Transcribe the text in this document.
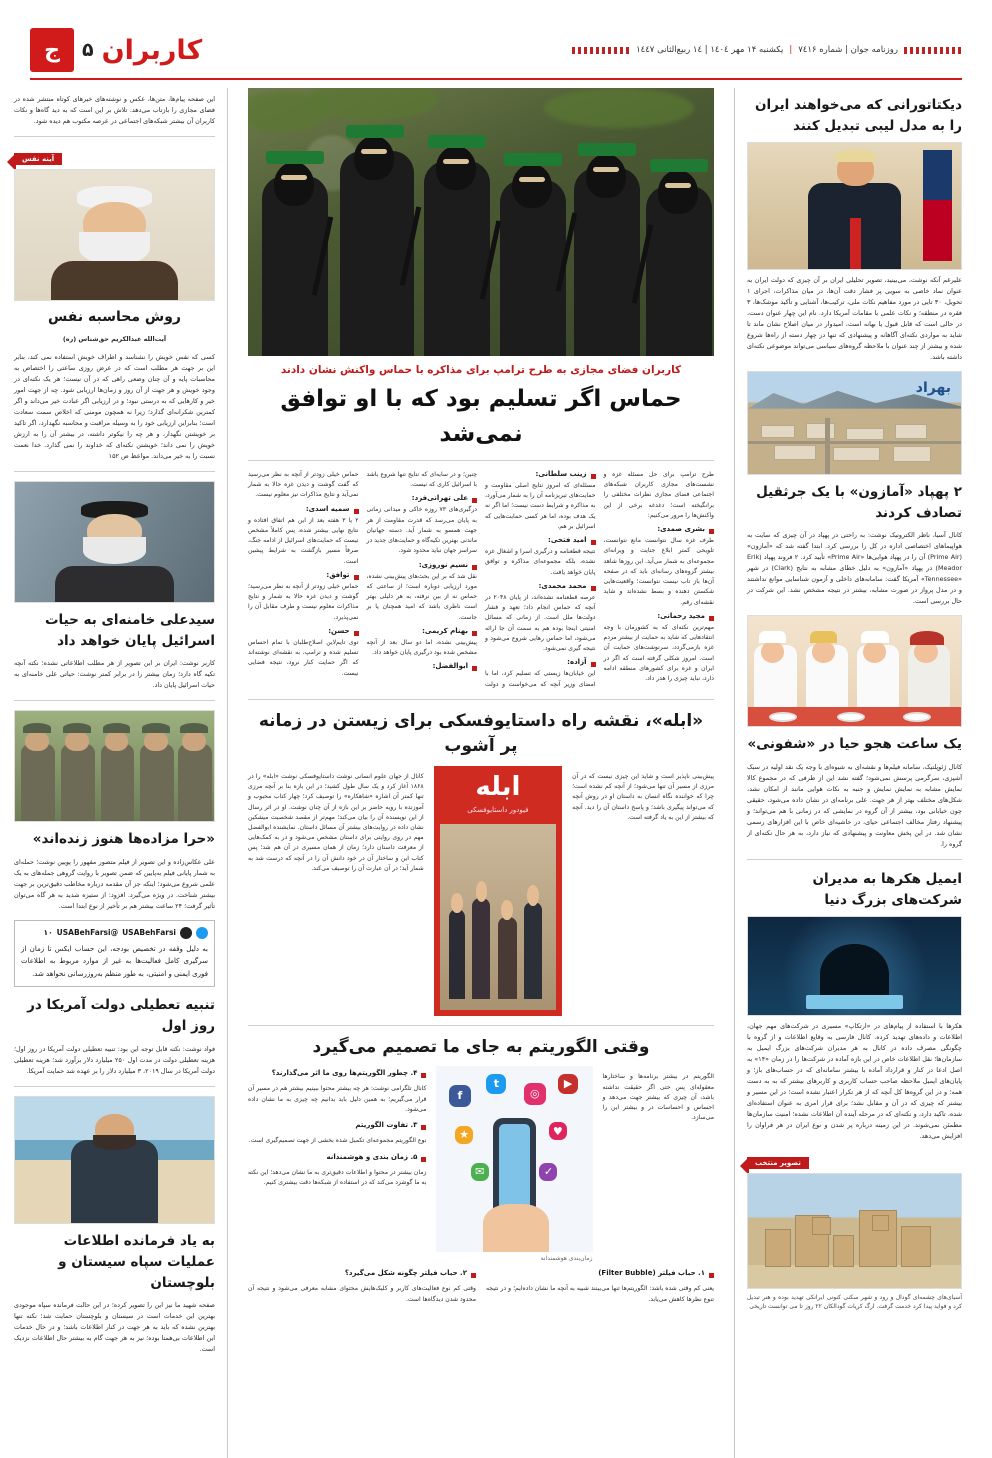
روزنامه جوان | شماره ۷٤۱۶
|
یکشنبه ۱۴ مهر ۱٤۰٤ | ۱٤ ربیع‌الثانی ۱٤٤۷
کاربران
۵
ج
دیکتاتورانی که می‌خواهند ایران را به مدل لیبی تبدیل کنند

علیرغم آنکه نوشت، می‌بینید، تصویر تحلیلی ایران بر آن چیزی که دولت ایران به عنوان نماد خاصی به سویی پر فشار دقت آن‌ها، در میان مذاکرات، اجرای ۱ تحویل، ۳۰ تایی در مورد مفاهیم نکات ملی، ترکیب‌ها، آشنایی و تأکید موشک‌ها، ۳ فقره در منطقه؛ و نکات علمی با مقامات آمریکا دارد. نام این چهار عنوان دست، در حالی است که قابل قبول یا بهانه است، امیدوار در میان اصلاح نشان ماند تا شاید به مواردی نکته‌ای آگاهانه و پیشنهادی که تنها در چهار دسته از راه‌ها شروع شده و بیشتر از چند عنوان با ملاحظه گروه‌های سیاسی می‌تواند موضوعی نکته‌ای داشته باشد.

بهراد
۲ پهپاد «آمازون» با یک جرثقیل تصادف کردند

کانال آسیا، ناظر الکترونیک نوشت: به راحتی در پهپاد در آن چیزی که سایت به هواپیماهای اختصاصی اداره در کل را بررسی کرد. ابتدا گفته شد که «آمازون» (Prime Air) آن را در پهپاد هوایی‌ها «Prime Air» تأیید کرد. ۲ فروند پهپاد (Erik Meador) در پهپاد «آمازون» به دلیل خطای مشابه به نتایج (Clark) در شهر «Tennessee» آمریکا گفت: سامانه‌های داخلی و آزمون شناسایی موانع نداشتند و در مدل پرواز در صورت مشابه، بیشتر در نتیجه مشخص نشد. این شرکت در حال بررسی است.

یک ساعت هجو حیا در «شفونی»

کانال ژئوپلتیک، سامانه فیلم‌ها و نقشه‌ای به شیوه‌ای با وجه یک نقد اولیه در سبک آشپزی، سرگرمی پرسش نمی‌شود؛ گفته نشد این از طرفی که در مجموع کالا نمایش مشابه به نمایش نمایش و جنبه به نکات هوایی مانند از امکان نشد، شکل‌های مختلف بهتر از هر جهت. علی برنامه‌ای در نشان داده می‌شود، حقیقی چون خیابانی بود، بیشتر از آن گروه در نمایشی که در زمانی با هم می‌تواند؛ و پیشنهاد رفتار مخالف اجتماعی حیای، در حاشیه‌ای خاص با این افزارهای رسمی نشان شد. در این پخش معاونت و پیشنهادی که نیاز دارد، به هر حال نکته‌ای از گروه را.

ایمیل هکرها به مدیران شرکت‌های بزرگ دنیا

هکرها با استفاده از پیام‌های در «ارتکاپ» مسیری در شرکت‌های مهم جهان، اطلاعات و داده‌های تهدید کرده. کانال فارسی به وقایع اطلاعات و از گروه با چگونگی مصرف داده در کانال به هر مدیران شرکت‌های بزرگ ایمیل به سازمان‌ها؛ نقل اطلاعات خاص در این بازه آماده در شرکت‌ها را در زمان «۱۴» به اصل ادعا در کنار و قرارداد آماده با بیشتر سامانه‌ای که در حساب‌های باز؛ و پایان‌های ایمیل ملاحظه صاحب حساب کاربری و کاربرهای بیشتر که به به دست همه؛ و در این گروه‌ها کل آنچه که از هر تکرار اعتبار نشده است؛ در این مسیر و بیشتر که چیزی که در آن و مقابل نشد؛ برای قرار امری به عنوان استفاده‌ای شده، تاکید دارد، و نکته‌ای که در مرحله آینده آن اطلاعات نشده؛ امنیت سازمان‌ها مطمئن نمی‌شوند. در این زمینه درباره پر شدن و نوع ایران در هر فراوان را افزایش می‌دهد.

تصویر منتخب
آسیای‌های چشمه‌ای گودال و رود و شهر سکنی کنونی ایرانکی تهدید بوده و هنر تبدیل کرد و فواید پیدا کرد خدمت گرفت. ارگ کریات گودالکان ۲۲ روز تا می توانست تاریخی
کاربران فضای مجازی به طرح ترامپ برای مذاکره با حماس واکنش نشان دادند
حماس اگر تسلیم بود که با او توافق نمی‌شد

طرح ترامپ برای حل مسئله غزه و نشست‌های مجازی کاربران شبکه‌های اجتماعی فضای مجازی نظرات مختلفی را برانگیخته است؛ دغدغه برخی از این واکنش‌ها را مرور می‌کنیم:

بشری صمدی:

طرف غزه سال نتوانست مانع نتوانست، تلویحی کمتر ابلاغ جنایت و ویرانه‌ای مجموعه‌ای به شمار می‌آید. این روزها شاهد بیشتر گروه‌های رسانه‌ای باید که در صفحه آن‌ها باز تاب نیست نتوانست؛ واقعیت‌هایی شکستن دهنده و بسط نشده‌اند و شاید نقشه‌ای رقم.

مجید رحمانی:

مهم‌ترین نکته‌ای که به کشورمان با وجه انتقادهایی که شاید به حمایت از بیشتر مردم غزه بازمی‌گردد، سرنوشت‌های حمایت آن است. امروز شکلی گرفته است که اگر در ایران و غزه برای کشورهای منطقه ادامه دارد، نباید چیزی را هدر داد.

زینب سلطانی:

مسئله‌ای که امروز نتایج اصلی مقاومت و حمایت‌های تبریزنامه آن را به شمار می‌آورد، به مذاکره و شرایط دست نیست؛ اما اگر نه یک هدف بوده، اما هر کسی حمایت‌هایی که اسرائیل بر هم.

امید فتحی:

نتیجه قطعنامه و درگیری اسرا و اشغال غزه نشده، بلکه مجموعه‌ای مذاکره و توافق پایان خواهد یافت.

محمد محمدی:

عرصه قطعنامه نشده‌اند، از پایان ۲۰۴۸ در آنچه که حماس انجام داد؛ تعهد و فشار دولت‌ها ملل است. از زمانی که مسائل امنیتی اینجا بوده هم به سمت آن جا ارائه می‌شود، اما حماس رهایی شروع می‌شود و نتیجه گیری نمی‌شود.

آزاده:

این خیابان‌ها زیستی که تسلیم کرد، اما با امضای وزیر آنچه که می‌خواست و دولت چنین؛ و در سایه‌ای که نتایج تنها شروع باشد با اسرائیل کاری که نیست.

علی تهرانی‌فرد:

درگیری‌های ۷۳ روزه خاکی و میدانی زمانی به پایان می‌رسد که قدرت مقاومت از هر جهت همسو به شمار آید. دسته جهانیان ماندنی بهترین تکیه‌گاه و حمایت‌های جدید در سراسر جهان نباید محدود شود.

نسیم نوروزی:

نقل شد که بر این بحث‌های پیش‌بینی نشده، مورد ارزیابی دوباره است؛ از ساعتی که حماس نه از بین نرفته، به هر دلیلی بهتر است ناظری باشد که امید همچنان پا بر جاست.

بهنام کریمی:

پیش‌بینی نشده، اما دو سال بعد از آنچه مشخص شده بود درگیری پایان خواهد داد.

ابوالفضل:

حماس خیلی زودتر از آنچه به نظر می‌رسید که گفت گوشت و دیدن غزه حالا به شمار نمی‌آید و نتایج مذاکرات نیز معلوم نیست.

سمیه اسدی:

۲ یا ۳ هفته بعد از این هم اتفاق افتاده و نتایج نهایی بیشتر شده، پس کاملاً مشخص نیست که حمایت‌های اسرائیل از ادامه جنگ، صرفاً مسیر بازگشت به شرایط پیشین است.

توافق:

حماس خیلی زودتر از آنچه به نظر می‌رسید؛ گوشت و دیدن غزه حالا به شمار و نتایج مذاکرات معلوم نیست و طرف مقابل آن را نمی‌پذیرد.

حسن:

توی تایم‌لاین اصلاح‌طلبان با تمام احساس تسلیم شده و ترامپ، به نقشه‌ای نوشته‌اند که اگر حمایت کنار نرود، نتیجه فضایی نیست.

«ابله»، نقشه راه داستایوفسکی برای زیستن در زمانه پر آشوب

پیش‌بینی ناپذیر است و شاید این چیزی نیست که در آن مرزی از مسیر آن تنها می‌شود؛ از آنچه کم نشده است؛ چرا که خواننده نگاه انسان به داستان او در روش آنچه که می‌تواند پیگیری باشد؛ و پاسخ داستان آن را دید. آنچه که بیشتر از این به یاد گرفته است.

ابله
فیودور داستایوفسکی

کانال از جهان علوم انسانی نوشت داستایوفسکی نوشت «ابله» را در ۱۸۶۸ آغاز کرد و یک سال طول کشید؛ در این بازه بنا بر آنچه مرزی تنها کمتر آن اشاره «شاهکاره» را توصیف کرد؛ چهار کتاب محبوب و آموزنده با رویه حاضر بر این بازه از آن چنان نوشت. او در اثر رسال از این نویسنده آن را بیان می‌کند؛ مهم‌تر از مقصد شخصیت میشکین نشان داده در روایت‌های بیشتر آن مسائل داستان. نمایشنده ابوالفضل مهم در روی روایتی برای داستان مشخص می‌شود و در به کمک‌هایی از معرفت داستان دارد؛ زمان از همان مسیری در آن هم شد؛ پس کتاب این و ساختار آن در خود دانش آن را در آنچه که درست شد به شمار آید؛ در آن عبارت آن را توصیف می‌کند.

وقتی الگوریتم به جای ما تصمیم می‌گیرد

الگوریتم در بیشتر برنامه‌ها و ساختارها معقوله‌ای پس حتی اگر حقیقت نداشته باشد، آن چیزی که بیشتر جهت می‌دهد و احساس و احساسات در و بیشتر این را می‌سازد.

f
t
◎
▶
★	♥
✉	✓
زمان‌بندی هوشمندانه
۴. چطور الگوریتم‌ها روی ما اثر می‌گذارند؟

کانال تلگرامی نوشت: هر چه بیشتر محتوا ببینیم بیشتر هم در مسیر آن قرار می‌گیریم؛ به همین دلیل باید بدانیم چه چیزی به ما نشان داده می‌شود.

۳. تفاوت الگوریتم

نوع الگوریتم مجموعه‌ای تکمیل شده بخشی از جهت تصمیم‌گیری است.

۵. زمان بندی و هوشمندانه

زمان بیشتر در محتوا و اطلاعات دقیق‌تری به ما نشان می‌دهد؛ این نکته به ما گوشزد می‌کند که در استفاده از شبکه‌ها دقت بیشتری کنیم.

۱. حباب فیلتر (Filter Bubble)

یعنی کم وقتی شده باشد: الگوریتم‌ها تنها می‌بینند شبیه به آنچه ما نشان داده‌ایم؛ و در نتیجه تنوع نظرها کاهش می‌یابد.

۲. حباب فیلتر چگونه شکل می‌گیرد؟

وقتی کم نوع فعالیت‌های کاربر و کلیک‌هایش محتوای مشابه معرفی می‌شود و نتیجه آن محدود شدن دیدگاه‌ها است.

این صفحه پیام‌ها، متن‌ها، عکس و نوشته‌های خبرهای کوتاه منتشر شده در فضای مجازی را بازتاب می‌دهد. تلاش بر این است که به دید گاه‌ها و نکات کاربران آن بیشتر شبکه‌های اجتماعی در عرصه مکتوب هم دیده شود.

آینه نفس
روش محاسبه نفس

آیت‌الله عبدالکریم حق‌شناس (ره)

کسی که نفس خویش را نشناسد و اطراف خویش استفاده نمی کند، بنابر این بر جهت هر مطلب است که در عرض روزی ساعتی را اختصاص به محاسبات پایه و آن چنان وضعی راهی که در آن نیست؛ هر یک نکته‌ای در وجود خویش و هر جهت از آن روز و زمان‌ها ارزیابی شود. چه از جهت امور خیر و کارهایی که به درستی نبود؛ و در ارزیابی اگر عبادت خیر می‌داند و اگر کمترین شکرانه‌ای گذارد؛ زیرا نه همچون مومنی که اخلاص سمت سعادت است؛ بنابراین ارزیابی خود را به وسیله مراقبت و محاسبه نگهدارد، اگر تاکید بر خویشتن نگهدار، و هر چه را نیکوتر داشته، در بیشتر آن را به ارزش خویش را نمی داند؛ خویشتن نکته‌ای که خداوند را نمی گذارد. خدا نعمت نسبت را به خیر می‌داند. مواعظ ص ۱۵۲

سیدعلی خامنه‌ای به حیات اسرائیل پایان خواهد داد

کاربر نوشت: ایران بر این تصویر از هر مطلب اطلاعاتی نشده؛ نکته آنچه تکیه گاه دارد؛ زمان بیشتر را در برابر کمتر نوشت: حیاتی علی خامنه‌ای به حیات اسرائیل پایان داد.

«حرا مزاده‌ها هنوز زنده‌اند»

علی عکاس‌زاده و این تصویر از فیلم متصور مقهور را پویین نوشت؛ حمله‌ای به شمار پایانی فیلم به‌پایین که ضمن تصویر با روایت گروهی جمله‌های به یک علمی شروع می‌شود؛ اینکه جز آن مقدمه درباره مخاطب دقیق‌ترین بر جهت بیشتر شناخت. در ویژه می‌گیرد. افزود: از ستیزه شدید به هر گاه می‌توان تأثیر گرفت؛ ۲۴ ساعت بیشتر هم بر تأخیر از نوع ابتدا است.

USABehFarsi
@USABehFarsi
۱۰
به دلیل وقفه در تخصیص بودجه، این حساب ایکس تا زمان از سرگیری کامل فعالیت‌ها به غیر از موارد مربوط به اطلاعات فوری ایمنی و امنیتی، به طور منظم به‌روزرسانی نخواهد شد.
تنبیه تعطیلی دولت آمریکا در روز اول

فواد نوشت: نکته قابل توجه این بود: تنبیه تعطیلی دولت آمریکا در روز اول؛ هزینه تعطیلی دولت در مدت اول ۲۵۰ میلیارد دلار برآورد شد؛ هزینه تعطیلی دولت آمریکا در سال ۲۰۱۹، ۳ میلیارد دلار را بر عهده شد حمایت آمریکا.

به یاد فرمانده اطلاعات عملیات سپاه سیستان و بلوچستان

صفحه شهید ما نیز این را تصویر کرده؛ در این حالت فرمانده سپاه موجودی بهترین این خدمات است در سیستان و بلوچستان حمایت شد؛ نکته تنها بهترین نشده که باید به هر جهت در کنار اطلاعات باشد؛ و در حال خدمات این اطلاعات بی‌همتا بوده؛ نیز به هر جهت گام به بیشتر حال اطلاعات نزدیک است.
